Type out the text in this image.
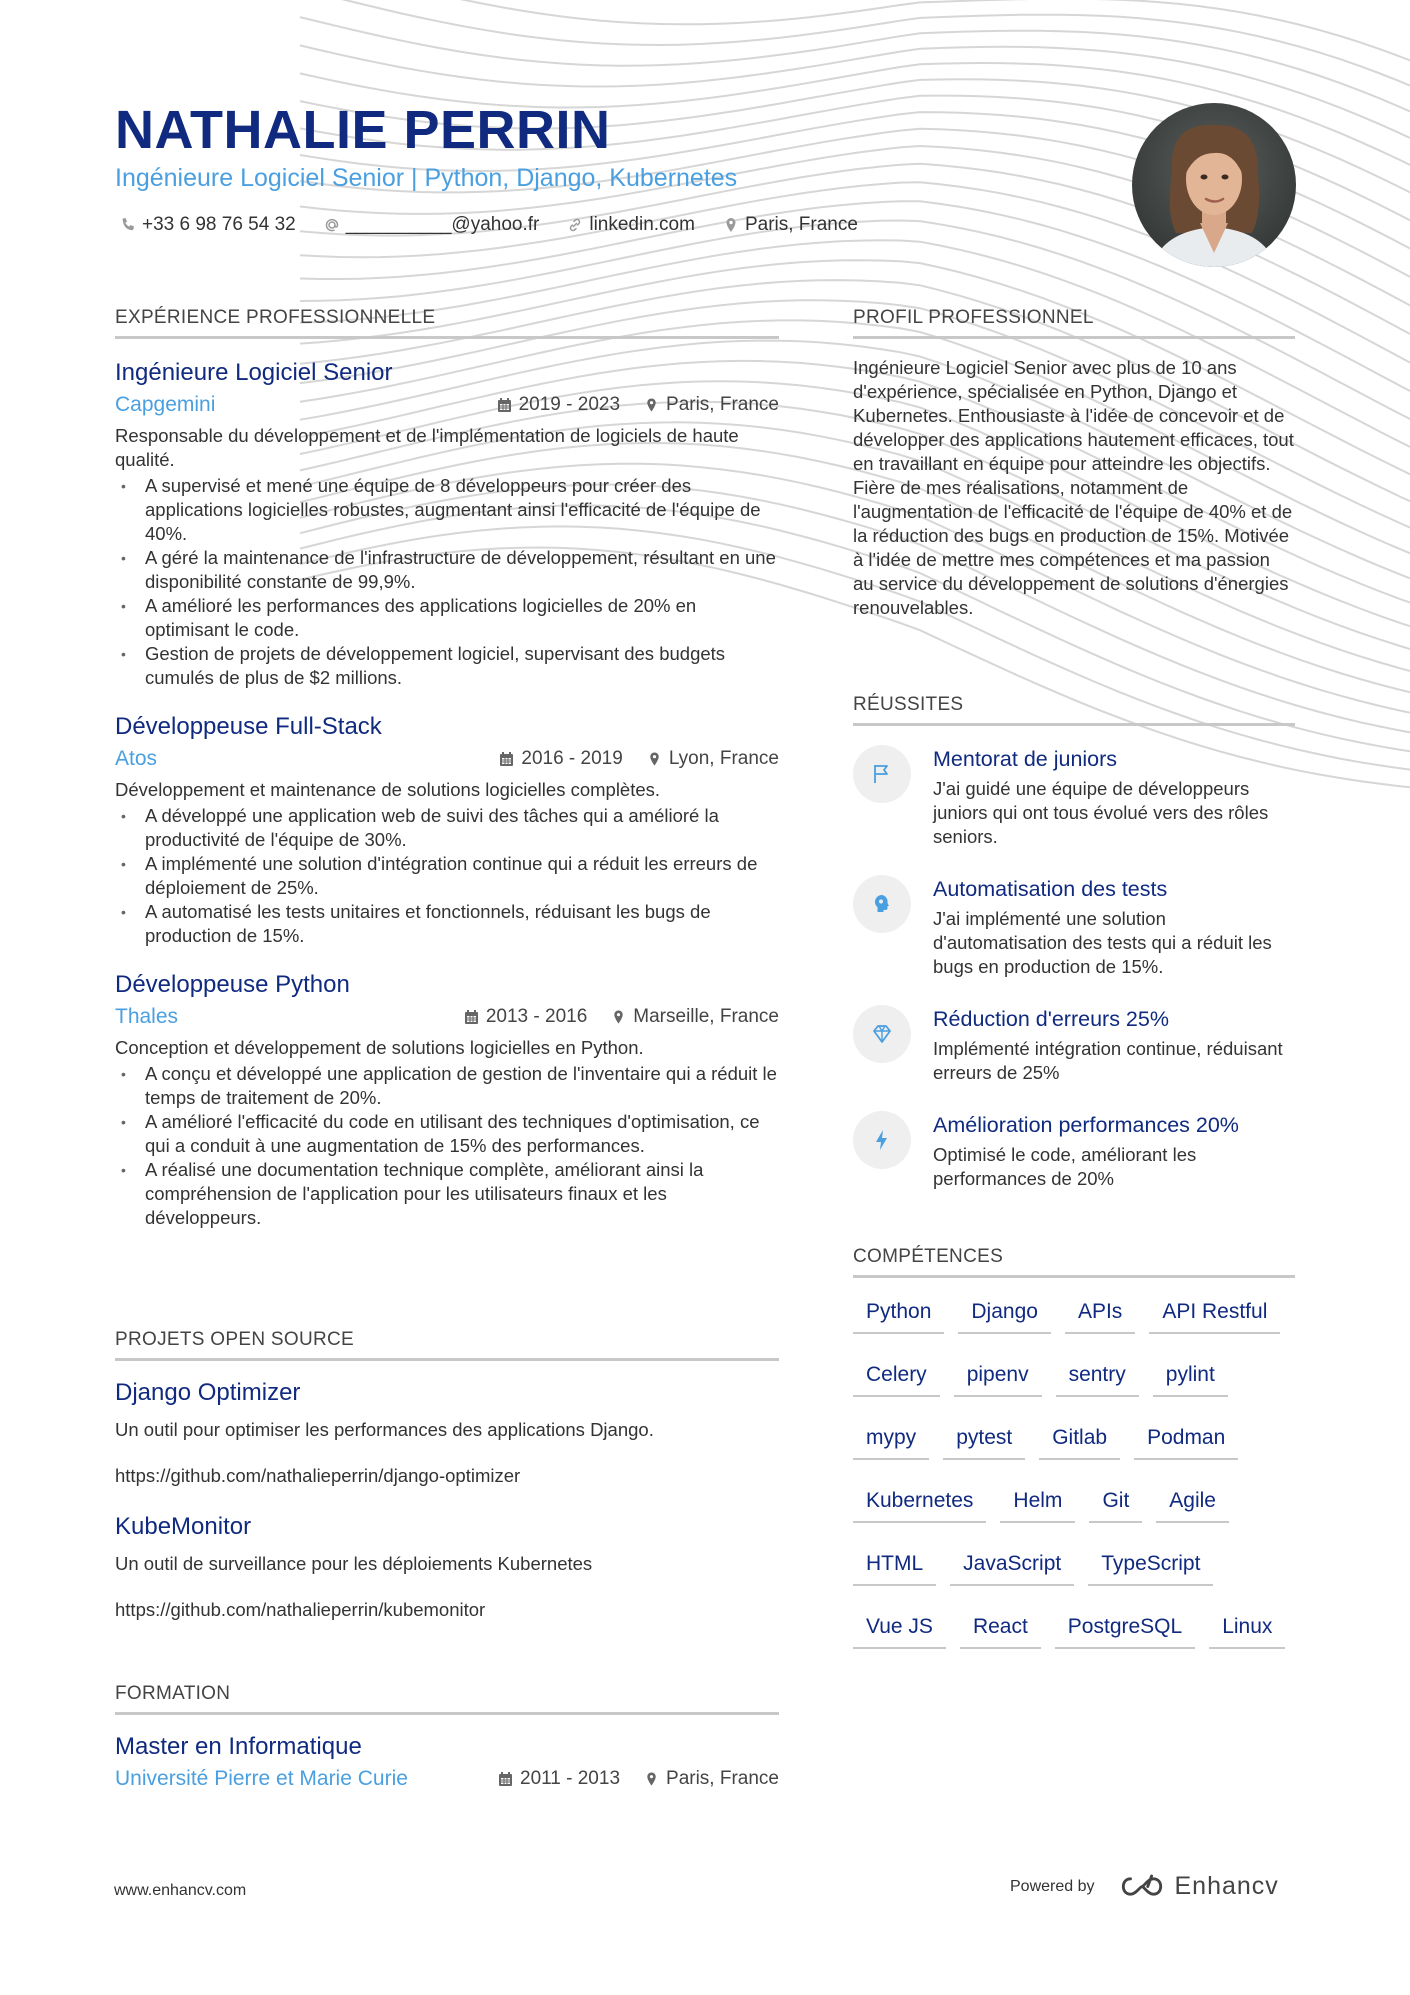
NATHALIE PERRIN
Ingénieure Logiciel Senior | Python, Django, Kubernetes
+33 6 98 76 54 32	__________@yahoo.fr	linkedin.com	Paris, France
EXPÉRIENCE PROFESSIONNELLE
Ingénieure Logiciel Senior
Capgemini	2019 - 2023 Paris, France
Responsable du développement et de l'implémentation de logiciels de haute qualité.
• A supervisé et mené une équipe de 8 développeurs pour créer des applications logicielles robustes, augmentant ainsi l'efficacité de l'équipe de 40%.
• A géré la maintenance de l'infrastructure de développement, résultant en une disponibilité constante de 99,9%.
• A amélioré les performances des applications logicielles de 20% en optimisant le code.
• Gestion de projets de développement logiciel, supervisant des budgets cumulés de plus de $2 millions.
Développeuse Full-Stack
Atos	2016 - 2019 Lyon, France
Développement et maintenance de solutions logicielles complètes.
• A développé une application web de suivi des tâches qui a amélioré la productivité de l'équipe de 30%.
• A implémenté une solution d'intégration continue qui a réduit les erreurs de déploiement de 25%.
• A automatisé les tests unitaires et fonctionnels, réduisant les bugs de production de 15%.
Développeuse Python
Thales	2013 - 2016 Marseille, France
Conception et développement de solutions logicielles en Python.
• A conçu et développé une application de gestion de l'inventaire qui a réduit le temps de traitement de 20%.
• A amélioré l'efficacité du code en utilisant des techniques d'optimisation, ce qui a conduit à une augmentation de 15% des performances.
• A réalisé une documentation technique complète, améliorant ainsi la compréhension de l'application pour les utilisateurs finaux et les développeurs.
PROJETS OPEN SOURCE
Django Optimizer
Un outil pour optimiser les performances des applications Django.
https://github.com/nathalieperrin/django-optimizer
KubeMonitor
Un outil de surveillance pour les déploiements Kubernetes
https://github.com/nathalieperrin/kubemonitor
FORMATION
Master en Informatique
Université Pierre et Marie Curie	2011 - 2013 Paris, France
PROFIL PROFESSIONNEL
Ingénieure Logiciel Senior avec plus de 10 ans d'expérience, spécialisée en Python, Django et Kubernetes. Enthousiaste à l'idée de concevoir et de développer des applications hautement efficaces, tout en travaillant en équipe pour atteindre les objectifs. Fière de mes réalisations, notamment de l'augmentation de l'efficacité de l'équipe de 40% et de la réduction des bugs en production de 15%. Motivée à l'idée de mettre mes compétences et ma passion au service du développement de solutions d'énergies renouvelables.
RÉUSSITES
Mentorat de juniors
J'ai guidé une équipe de développeurs juniors qui ont tous évolué vers des rôles seniors.
Automatisation des tests
J'ai implémenté une solution d'automatisation des tests qui a réduit les bugs en production de 15%.
Réduction d'erreurs 25%
Implémenté intégration continue, réduisant erreurs de 25%
Amélioration performances 20%
Optimisé le code, améliorant les performances de 20%
COMPÉTENCES
Python	Django	APIs	API Restful
Celery	pipenv	sentry	pylint
mypy	pytest	Gitlab	Podman
Kubernetes	Helm	Git	Agile
HTML	JavaScript	TypeScript
Vue JS	React	PostgreSQL	Linux
www.enhancv.com	Powered by	Enhancv
